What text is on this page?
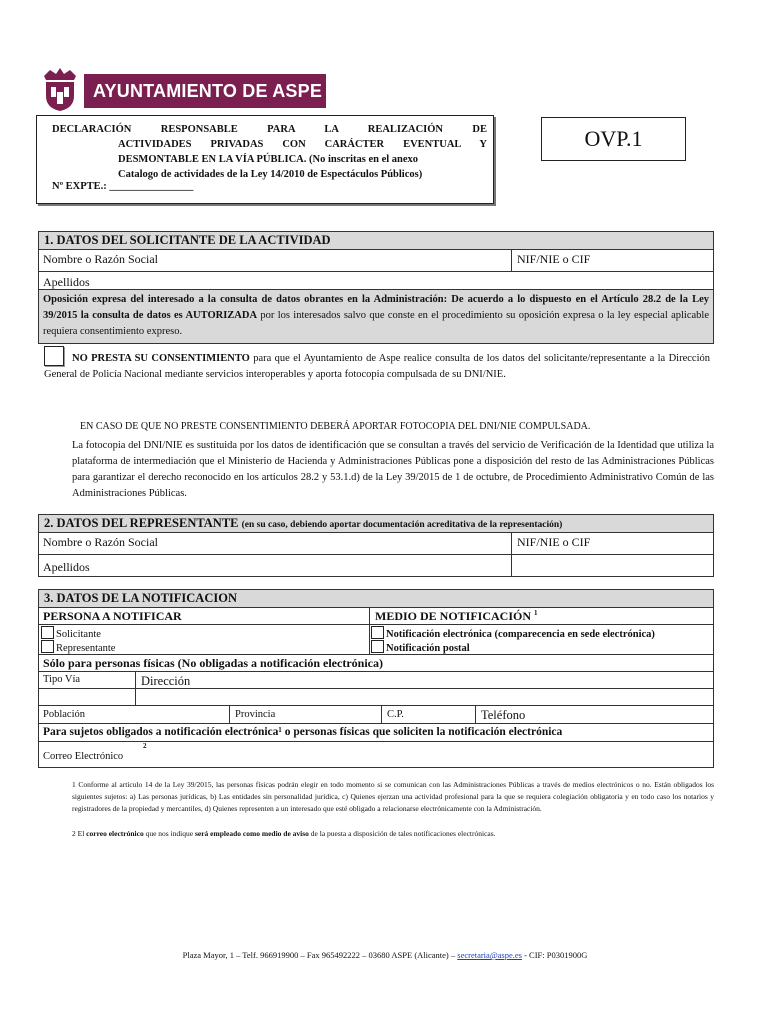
AYUNTAMIENTO DE ASPE
DECLARACIÓN RESPONSABLE PARA LA REALIZACIÓN DE
ACTIVIDADES PRIVADAS CON CARÁCTER EVENTUAL Y
DESMONTABLE EN LA VÍA PÚBLICA. (No inscritas en el anexo
Catalogo de actividades de la Ley 14/2010 de Espectáculos Públicos)
Nº EXPTE.: ________________
OVP.1
1. DATOS DEL SOLICITANTE DE LA ACTIVIDAD
Nombre o Razón Social	NIF/NIE o CIF
Apellidos
Oposición expresa del interesado a la consulta de datos obrantes en la Administración: De acuerdo a lo dispuesto en el Artículo 28.2 de la Ley 39/2015 la consulta de datos es AUTORIZADA por los interesados salvo que conste en el procedimiento su oposición expresa o la ley especial aplicable requiera consentimiento expreso.
NO PRESTA SU CONSENTIMIENTO para que el Ayuntamiento de Aspe realice consulta de los datos del solicitante/representante a la Dirección General de Policía Nacional mediante servicios interoperables y aporta fotocopia compulsada de su DNI/NIE.
EN CASO DE QUE NO PRESTE CONSENTIMIENTO DEBERÁ APORTAR FOTOCOPIA DEL DNI/NIE COMPULSADA.
La fotocopia del DNI/NIE es sustituida por los datos de identificación que se consultan a través del servicio de Verificación de la Identidad que utiliza la plataforma de intermediación que el Ministerio de Hacienda y Administraciones Públicas pone a disposición del resto de las Administraciones Públicas para garantizar el derecho reconocido en los artículos 28.2 y 53.1.d) de la Ley 39/2015 de 1 de octubre, de Procedimiento Administrativo Común de las Administraciones Públicas.
2. DATOS DEL REPRESENTANTE (en su caso, debiendo aportar documentación acreditativa de la representación)
Nombre o Razón Social	NIF/NIE o CIF
Apellidos
3. DATOS DE LA NOTIFICACION
PERSONA A NOTIFICAR	MEDIO DE NOTIFICACIÓN $^1$
Solicitante
Representante
Notificación electrónica (comparecencia en sede electrónica)
Notificación postal
Sólo para personas físicas (No obligadas a notificación electrónica)
Tipo Vía	Dirección
Población	Provincia	C.P.	Teléfono
Para sujetos obligados a notificación electrónica¹ o personas físicas que soliciten la notificación electrónica
2
Correo Electrónico
1 Conforme al artículo 14 de la Ley 39/2015, las personas físicas podrán elegir en todo momento si se comunican con las Administraciones Públicas a través de medios electrónicos o no. Están obligados los siguientes sujetos: a) Las personas jurídicas, b) Las entidades sin personalidad jurídica, c) Quienes ejerzan una actividad profesional para la que se requiera colegiación obligatoria y en todo caso los notarios y registradores de la propiedad y mercantiles, d) Quienes representen a un interesado que esté obligado a relacionarse electrónicamente con la Administración.
2 El correo electrónico que nos indique será empleado como medio de aviso de la puesta a disposición de tales notificaciones electrónicas.
Plaza Mayor, 1 – Telf. 966919900 – Fax 965492222 – 03680 ASPE (Alicante) – secretaria@aspe.es - CIF: P0301900G
